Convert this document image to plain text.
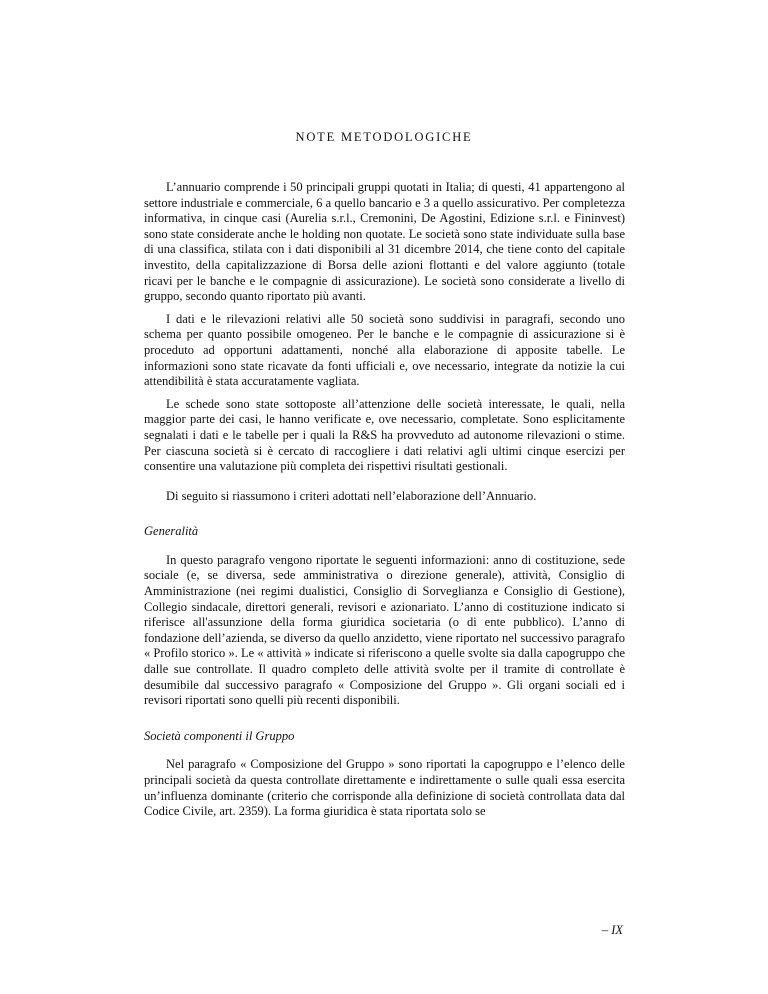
NOTE METODOLOGICHE

L’annuario comprende i 50 principali gruppi quotati in Italia; di questi, 41 appartengono al settore industriale e commerciale, 6 a quello bancario e 3 a quello assicurativo. Per completezza informativa, in cinque casi (Aurelia s.r.l., Cremonini, De Agostini, Edizione s.r.l. e Fininvest) sono state considerate anche le holding non quotate. Le società sono state individuate sulla base di una classifica, stilata con i dati disponibili al 31 dicembre 2014, che tiene conto del capitale investito, della capitalizzazione di Borsa delle azioni flottanti e del valore aggiunto (totale ricavi per le banche e le compagnie di assicurazione). Le società sono considerate a livello di gruppo, secondo quanto riportato più avanti.

I dati e le rilevazioni relativi alle 50 società sono suddivisi in paragrafi, secondo uno schema per quanto possibile omogeneo. Per le banche e le compagnie di assicurazione si è proceduto ad opportuni adattamenti, nonché alla elaborazione di apposite tabelle. Le informazioni sono state ricavate da fonti ufficiali e, ove necessario, integrate da notizie la cui attendibilità è stata accuratamente vagliata.

Le schede sono state sottoposte all’attenzione delle società interessate, le quali, nella maggior parte dei casi, le hanno verificate e, ove necessario, completate. Sono esplicitamente segnalati i dati e le tabelle per i quali la R&S ha provveduto ad autonome rilevazioni o stime. Per ciascuna società si è cercato di raccogliere i dati relativi agli ultimi cinque esercizi per consentire una valutazione più completa dei rispettivi risultati gestionali.

Di seguito si riassumono i criteri adottati nell’elaborazione dell’Annuario.

Generalità

In questo paragrafo vengono riportate le seguenti informazioni: anno di costituzione, sede sociale (e, se diversa, sede amministrativa o direzione generale), attività, Consiglio di Amministrazione (nei regimi dualistici, Consiglio di Sorveglianza e Consiglio di Gestione), Collegio sindacale, direttori generali, revisori e azionariato. L’anno di costituzione indicato si riferisce all'assunzione della forma giuridica societaria (o di ente pubblico). L’anno di fondazione dell’azienda, se diverso da quello anzidetto, viene riportato nel successivo paragrafo « Profilo storico ». Le « attività » indicate si riferiscono a quelle svolte sia dalla capogruppo che dalle sue controllate. Il quadro completo delle attività svolte per il tramite di controllate è desumibile dal successivo paragrafo « Composizione del Gruppo ». Gli organi sociali ed i revisori riportati sono quelli più recenti disponibili.

Società componenti il Gruppo

Nel paragrafo « Composizione del Gruppo » sono riportati la capogruppo e l’elenco delle principali società da questa controllate direttamente e indirettamente o sulle quali essa esercita un’influenza dominante (criterio che corrisponde alla definizione di società controllata data dal Codice Civile, art. 2359). La forma giuridica è stata riportata solo se

– IX
